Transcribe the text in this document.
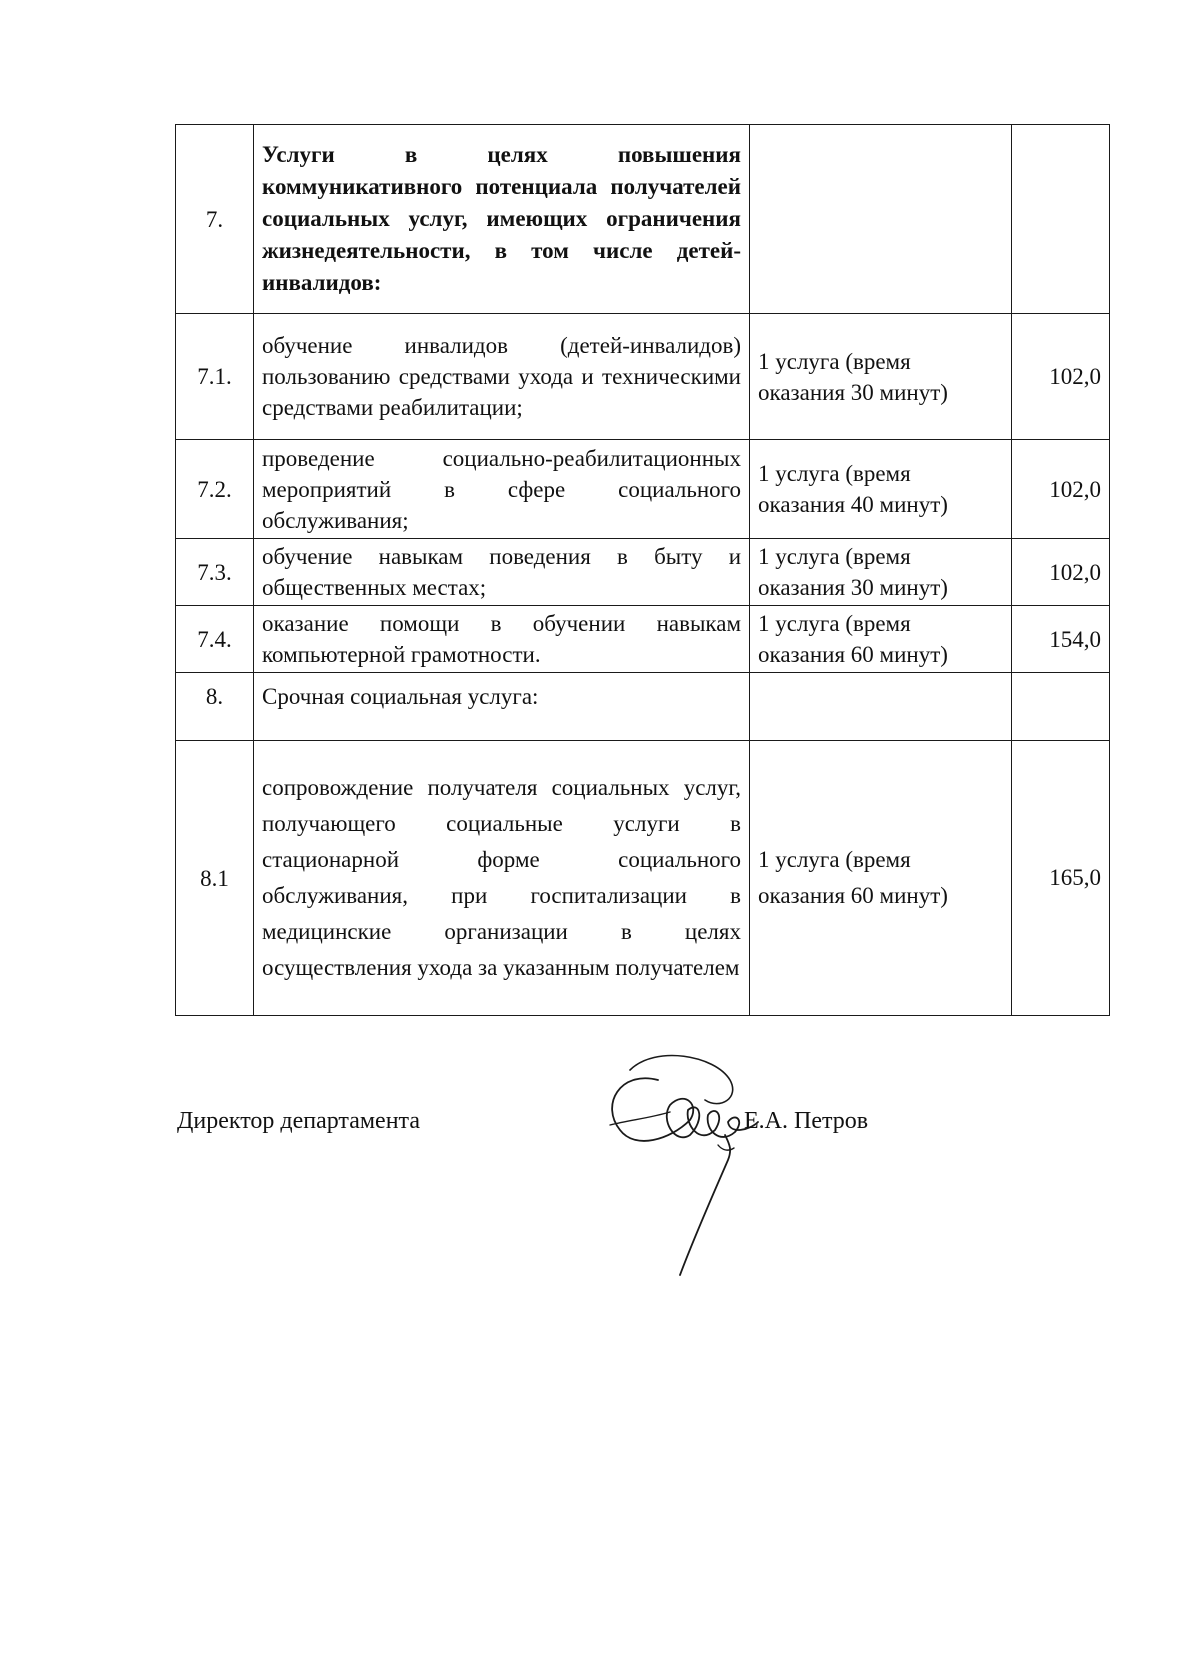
7.	Услуги в целях повышения коммуникативного потенциала получателей социальных услуг, имеющих ограничения жизнедеятельности, в том числе детей-инвалидов:		
7.1.	обучение инвалидов (детей-инвалидов) пользованию средствами ухода и техническими средствами реабилитации;	1 услуга (время оказания 30 минут)	102,0
7.2.	проведение социально-реабилитационных мероприятий в сфере социального обслуживания;	1 услуга (время оказания 40 минут)	102,0
7.3.	обучение навыкам поведения в быту и общественных местах;	1 услуга (время оказания 30 минут)	102,0
7.4.	оказание помощи в обучении навыкам компьютерной грамотности.	1 услуга (время оказания 60 минут)	154,0
8.	Срочная социальная услуга:		
8.1	сопровождение получателя социальных услуг, получающего социальные услуги в стационарной форме социального обслуживания, при госпитализации в медицинские организации в целях осуществления ухода за указанным получателем	1 услуга (время оказания 60 минут)	165,0
Директор департамента	Е.А. Петров
